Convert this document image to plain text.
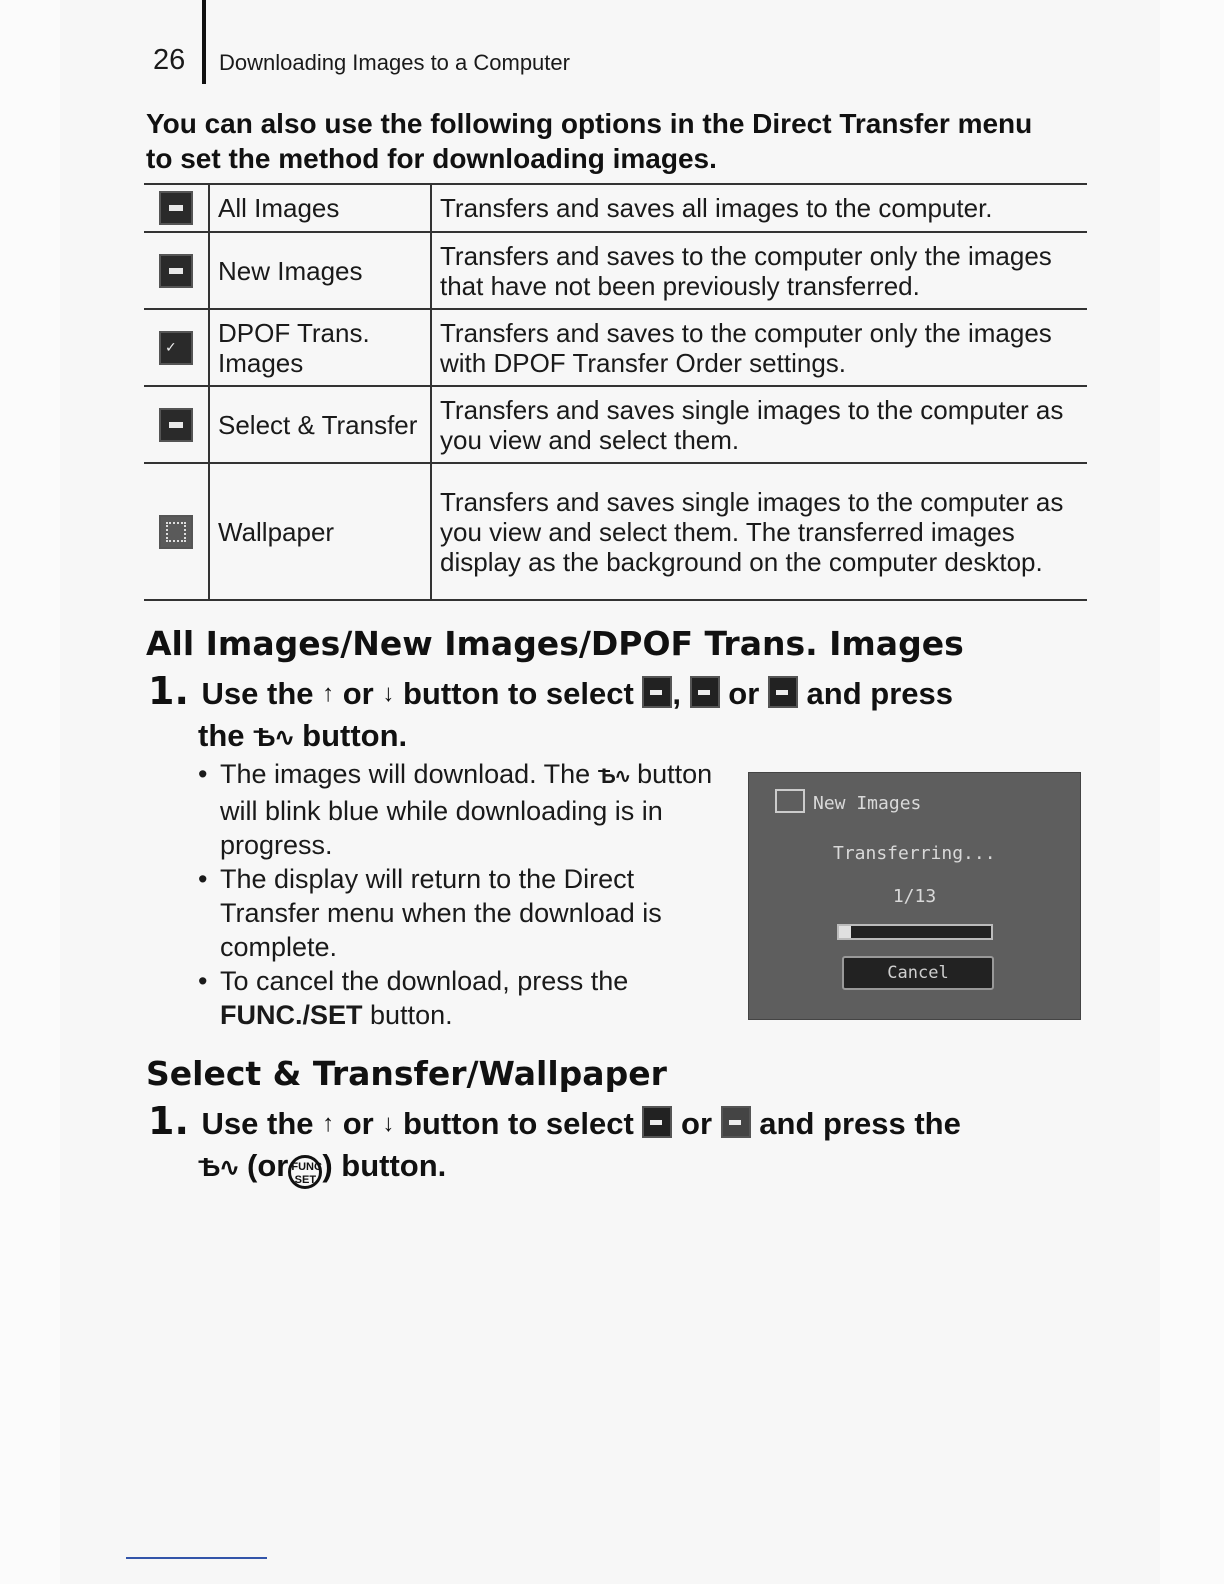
26 Downloading Images to a Computer
You can also use the following options in the Direct Transfer menu to set the method for downloading images.
	All Images	Transfers and saves all images to the computer.
	New Images	Transfers and saves to the computer only the images that have not been previously transferred.
✓	DPOF Trans. Images	Transfers and saves to the computer only the images with DPOF Transfer Order settings.
	Select & Transfer	Transfers and saves single images to the computer as you view and select them.
	Wallpaper	Transfers and saves single images to the computer as you view and select them. The transferred images display as the background on the computer desktop.
All Images/New Images/DPOF Trans. Images
1. Use the ↑ or ↓ button to select , or and press
the Ѣ∿ button.
• The images will download. The Ѣ∿ button will blink blue while downloading is in progress.
• The display will return to the Direct Transfer menu when the download is complete.
• To cancel the download, press the FUNC./SET button.
New Images
Transferring...
1/13
Cancel
Select & Transfer/Wallpaper
1. Use the ↑ or ↓ button to select or and press the
Ѣ∿ (or FUNC SET ) button.
